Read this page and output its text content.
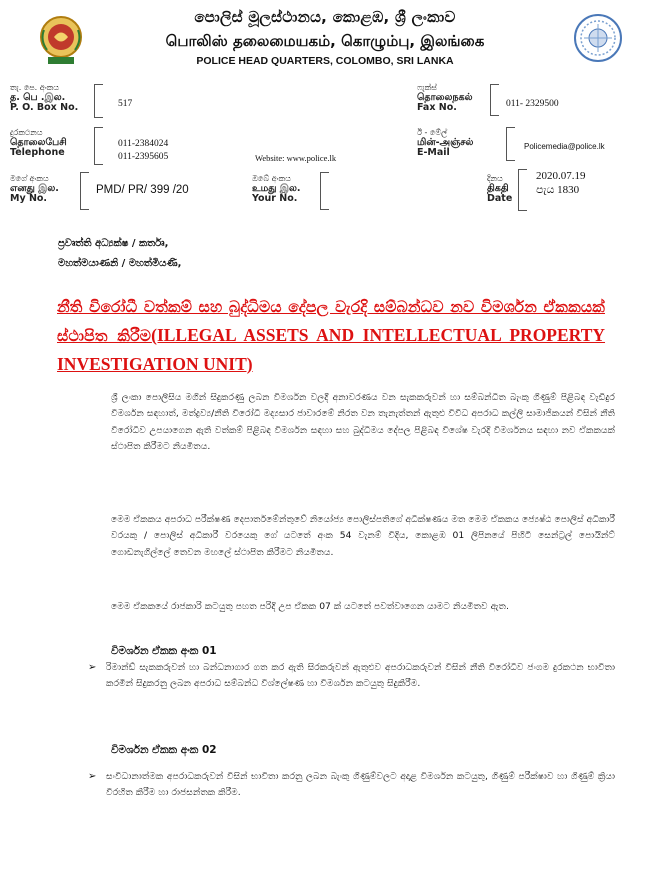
පොලිස් මූලස්ථානය, කොළඹ, ශ්‍රී ලංකාව
பொலிஸ் தலைமையகம், கொழும்பு, இலங்கை
POLICE HEAD QUARTERS, COLOMBO, SRI LANKA
තැ. පෙ. අංකය
த. பெ .இல.
P. O. Box No.	517
ෆැක්ස්
தொலைநகல்
Fax No.	011- 2329500
දුරකථනය
தொலைபேசி
Telephone
011-2384024
011-2395605	Website: www.police.lk
ඊ - මේල්
மின்-அஞ்சல்
E-Mail
Policemedia@police.lk
මගේ අංකය
எனது இல.
My No.
PMD/ PR/ 399 /20
ඔබේ අංකය
உமது இல.
Your No.
දිනය
திகதி
Date
2020.07.19
පැය 1830
ප්‍රවෘත්ති අධ්‍යක්ෂ / කර්තෘ,
මහත්මයාණනි / මහත්මියණි,
නීති විරෝධී වත්කම් සහ බුද්ධිමය දේපල වැරදි සම්බන්ධව නව විමර්ශන ඒකකයක් ස්ථාපිත කිරීම(ILLEGAL ASSETS AND INTELLECTUAL PROPERTY INVESTIGATION UNIT)
ශ්‍රී ලංකා පොලීසිය මගින් සිදුකරණු ලබන විමර්ශන වලදී අනාවරණය වන සැකකරුවන් හා සම්බන්ධිත බැංකු ගිණුම් පිළිබඳ වැඩිදුර විමර්ශන සඳහාත්, මත්ද්‍රව්‍ය/නීති විරෝධී මද්‍යසාර ජාවාරමේ නිරත වන තැනැත්තන් ඇතුළු විවිධ අපරාධ කල්ලි සාමාජිකයන් විසින් නීති විරෝධීව උපයාගෙන ඇති වත්කම් පිළිබඳ විමර්ශන සඳහා සහ බුද්ධිමය දේපල පිළිබඳ විශේෂ වැරදි විමර්ශනය සඳහා නව ඒකකයක් ස්ථාපිත කිරීමට නියමිතය.
මෙම ඒකකය අපරාධ පරීක්ෂණ දෙපාර්තමේන්තුවේ නියෝජ්‍ය පොලිස්පතිගේ අධීක්ෂණය මත මෙම ඒකකය ජ්‍යෙෂ්ඨ පොලිස් අධිකාරී වරයකු / පොලිස් අධිකාරී වරයෙකු ගේ යටතේ අංක 54 වැනම් විදිය, කොළඹ 01 ලිපිනයේ පිහිටි සෙන්ට්‍රල් පොයින්ට් ගොඩනැගිල්ලේ තෙවන මහලේ ස්ථාපිත කිරීමට නියමිතය.
මෙම ඒකකයේ රාජකාරි කටයුතු පහත පරිදි උප ඒකක 07 ක් යටතේ පවත්වාගෙන යාමට නියමිතව ඇත.
විමර්ශන ඒකක අංක 01
➢	රිමාන්ඩ් සැකකරුවන් හා බන්ධනාගාර ගත කර ඇති සිරකරුවන් ඇතුළුව අපරාධකරුවන් විසින් නීති විරෝධීව ජංගම දුරකථන භාවිතා කරමින් සිදුකරනු ලබන අපරාධ සම්බන්ධ විශ්ලේෂණ හා විමර්ශන කටයුතු සිදුකිරීම.
විමර්ශන ඒකක අංක 02
➢	සංවිධානාත්මක අපරාධකරුවන් විසින් භාවිතා කරනු ලබන බැංකු ගිණුම්වලට අදාළ විමර්ශන කටයුතු, ගිණුම් පරීක්ෂාව හා ගිණුම් ක්‍රියා විරහිත කිරීම හා රාජසන්තක කිරීම.
